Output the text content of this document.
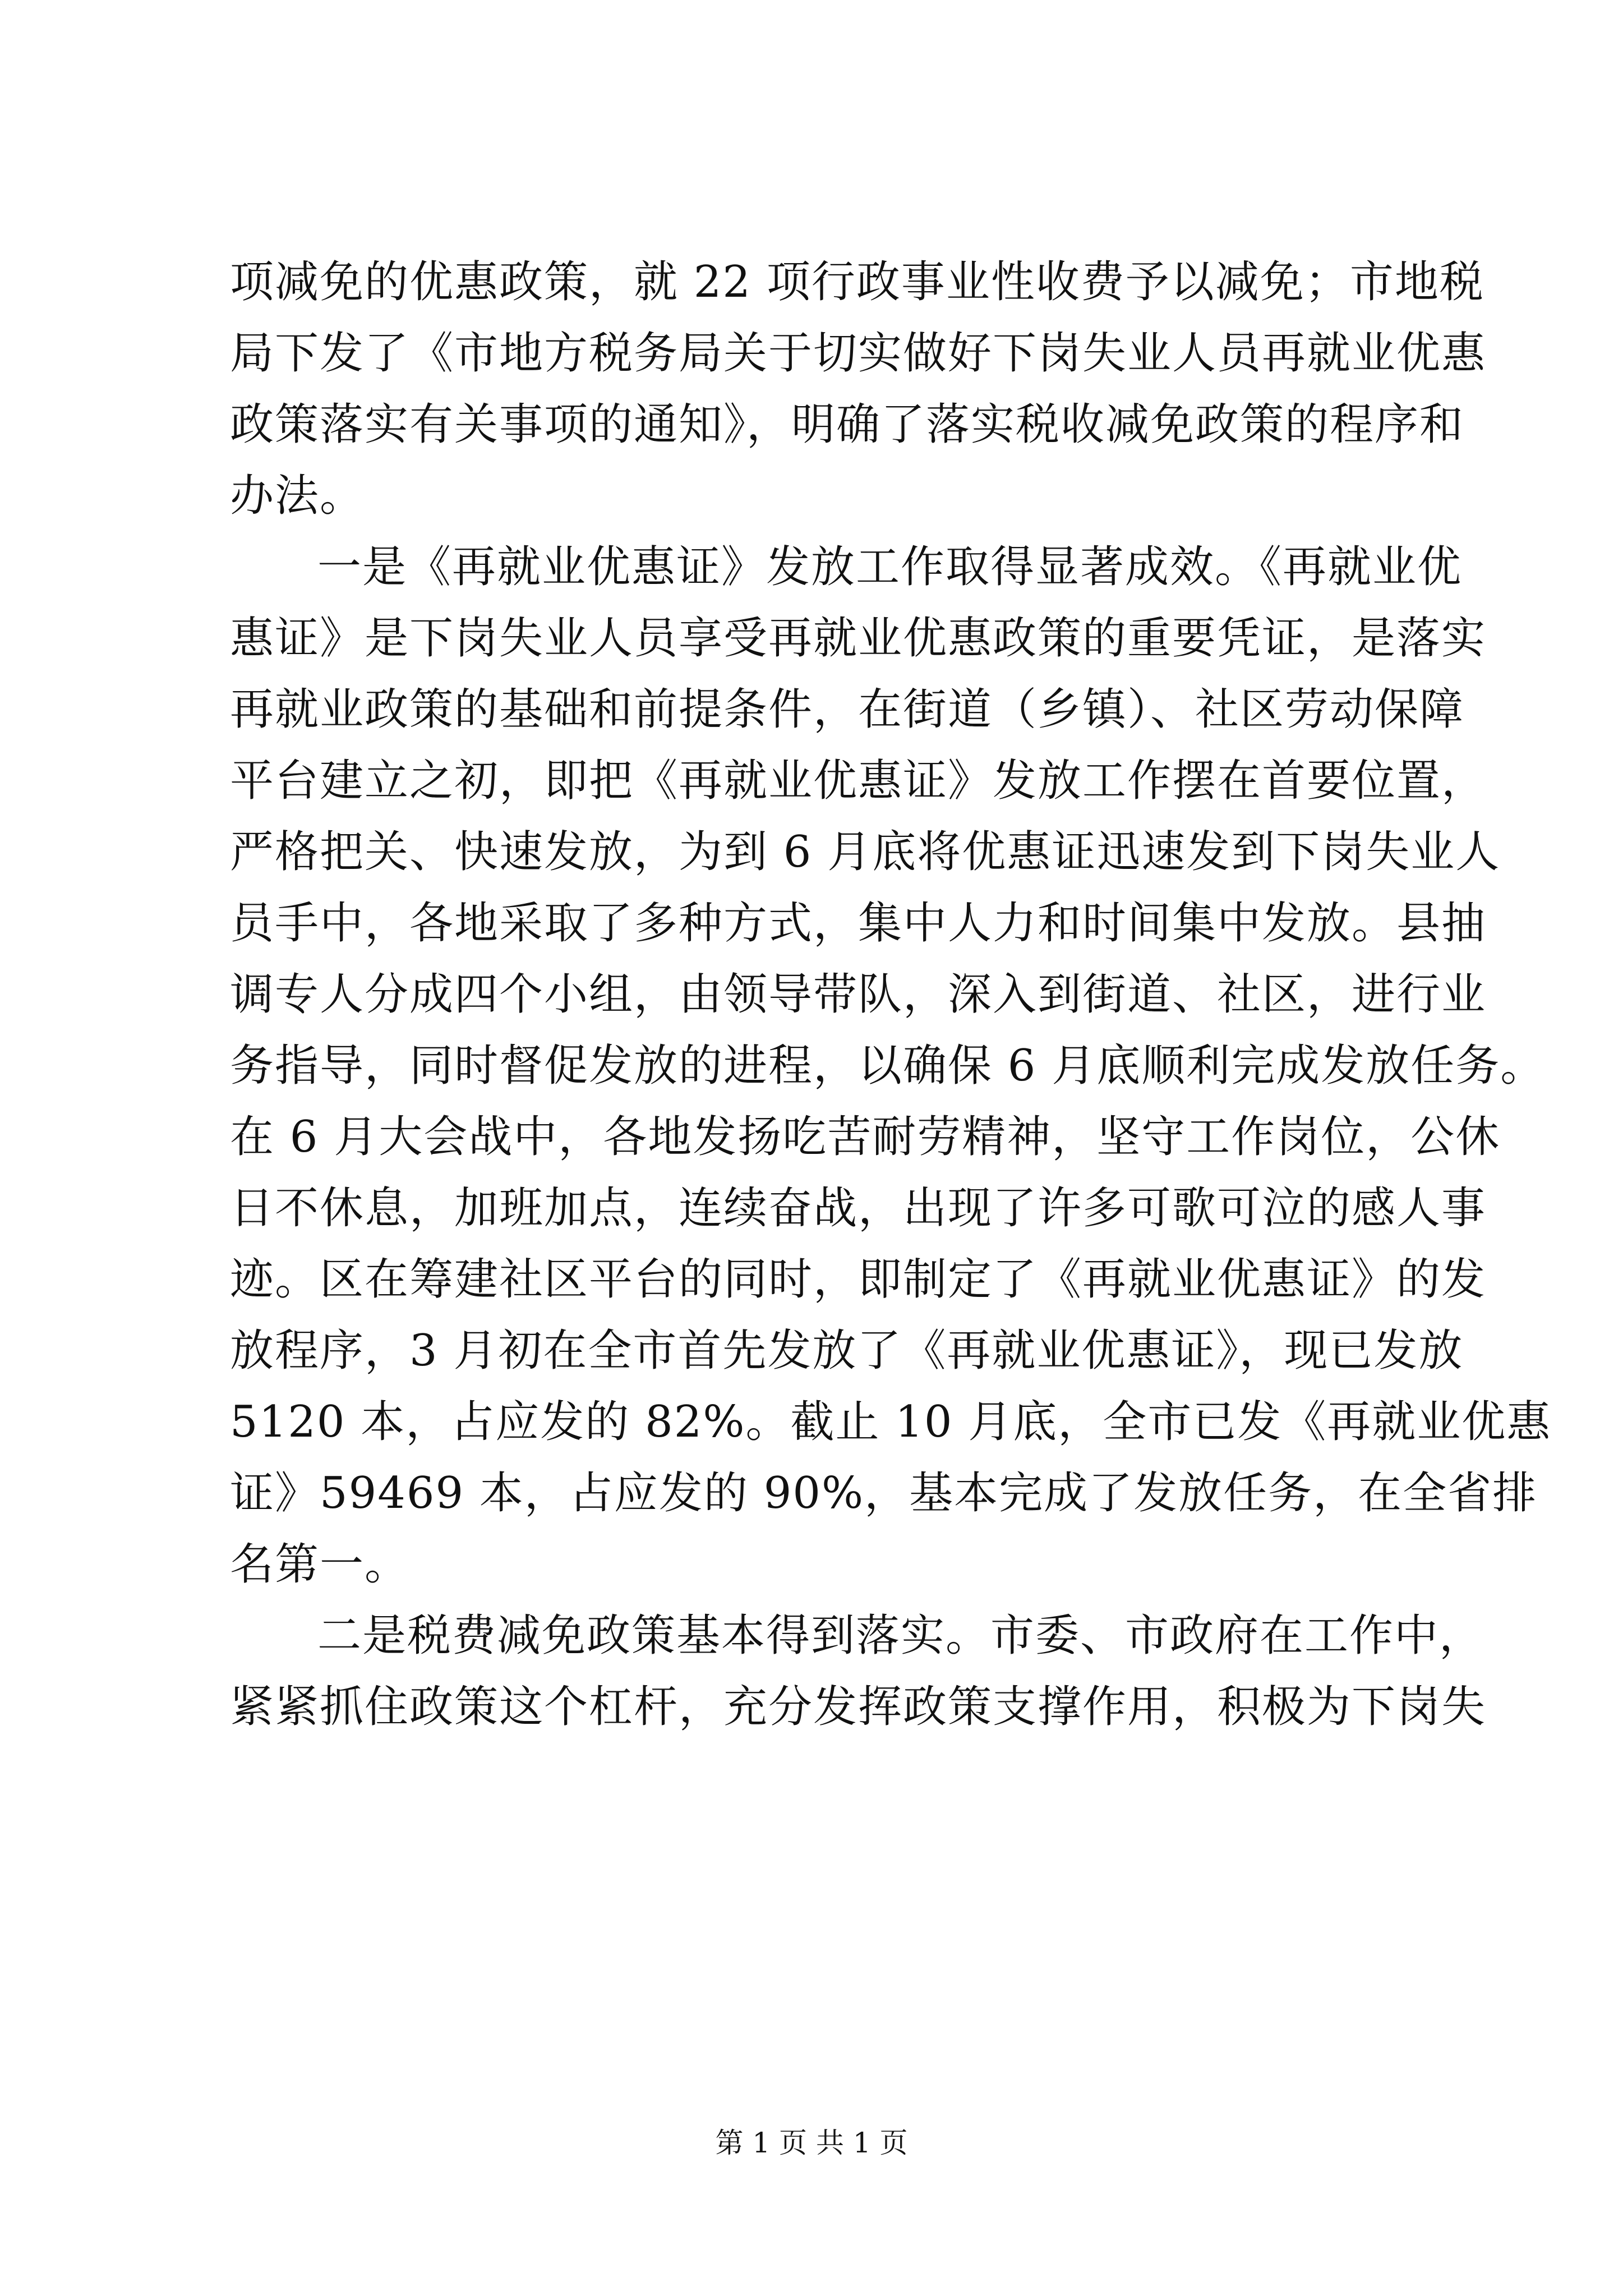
项减免的优惠政策，就 22 项行政事业性收费予以减免；市地税
局下发了《市地方税务局关于切实做好下岗失业人员再就业优惠
政策落实有关事项的通知》，明确了落实税收减免政策的程序和
办法。
一是《再就业优惠证》发放工作取得显著成效。《再就业优
惠证》是下岗失业人员享受再就业优惠政策的重要凭证，是落实
再就业政策的基础和前提条件，在街道（乡镇）、社区劳动保障
平台建立之初，即把《再就业优惠证》发放工作摆在首要位置，
严格把关、快速发放，为到 6 月底将优惠证迅速发到下岗失业人
员手中，各地采取了多种方式，集中人力和时间集中发放。县抽
调专人分成四个小组，由领导带队，深入到街道、社区，进行业
务指导，同时督促发放的进程，以确保 6 月底顺利完成发放任务。
在 6 月大会战中，各地发扬吃苦耐劳精神，坚守工作岗位，公休
日不休息，加班加点，连续奋战，出现了许多可歌可泣的感人事
迹。区在筹建社区平台的同时，即制定了《再就业优惠证》的发
放程序，3 月初在全市首先发放了《再就业优惠证》，现已发放
5120 本，占应发的 82%。截止 10 月底，全市已发《再就业优惠
证》59469 本，占应发的 90%，基本完成了发放任务，在全省排
名第一。
二是税费减免政策基本得到落实。市委、市政府在工作中，
紧紧抓住政策这个杠杆，充分发挥政策支撑作用，积极为下岗失
第 1 页 共 1 页
